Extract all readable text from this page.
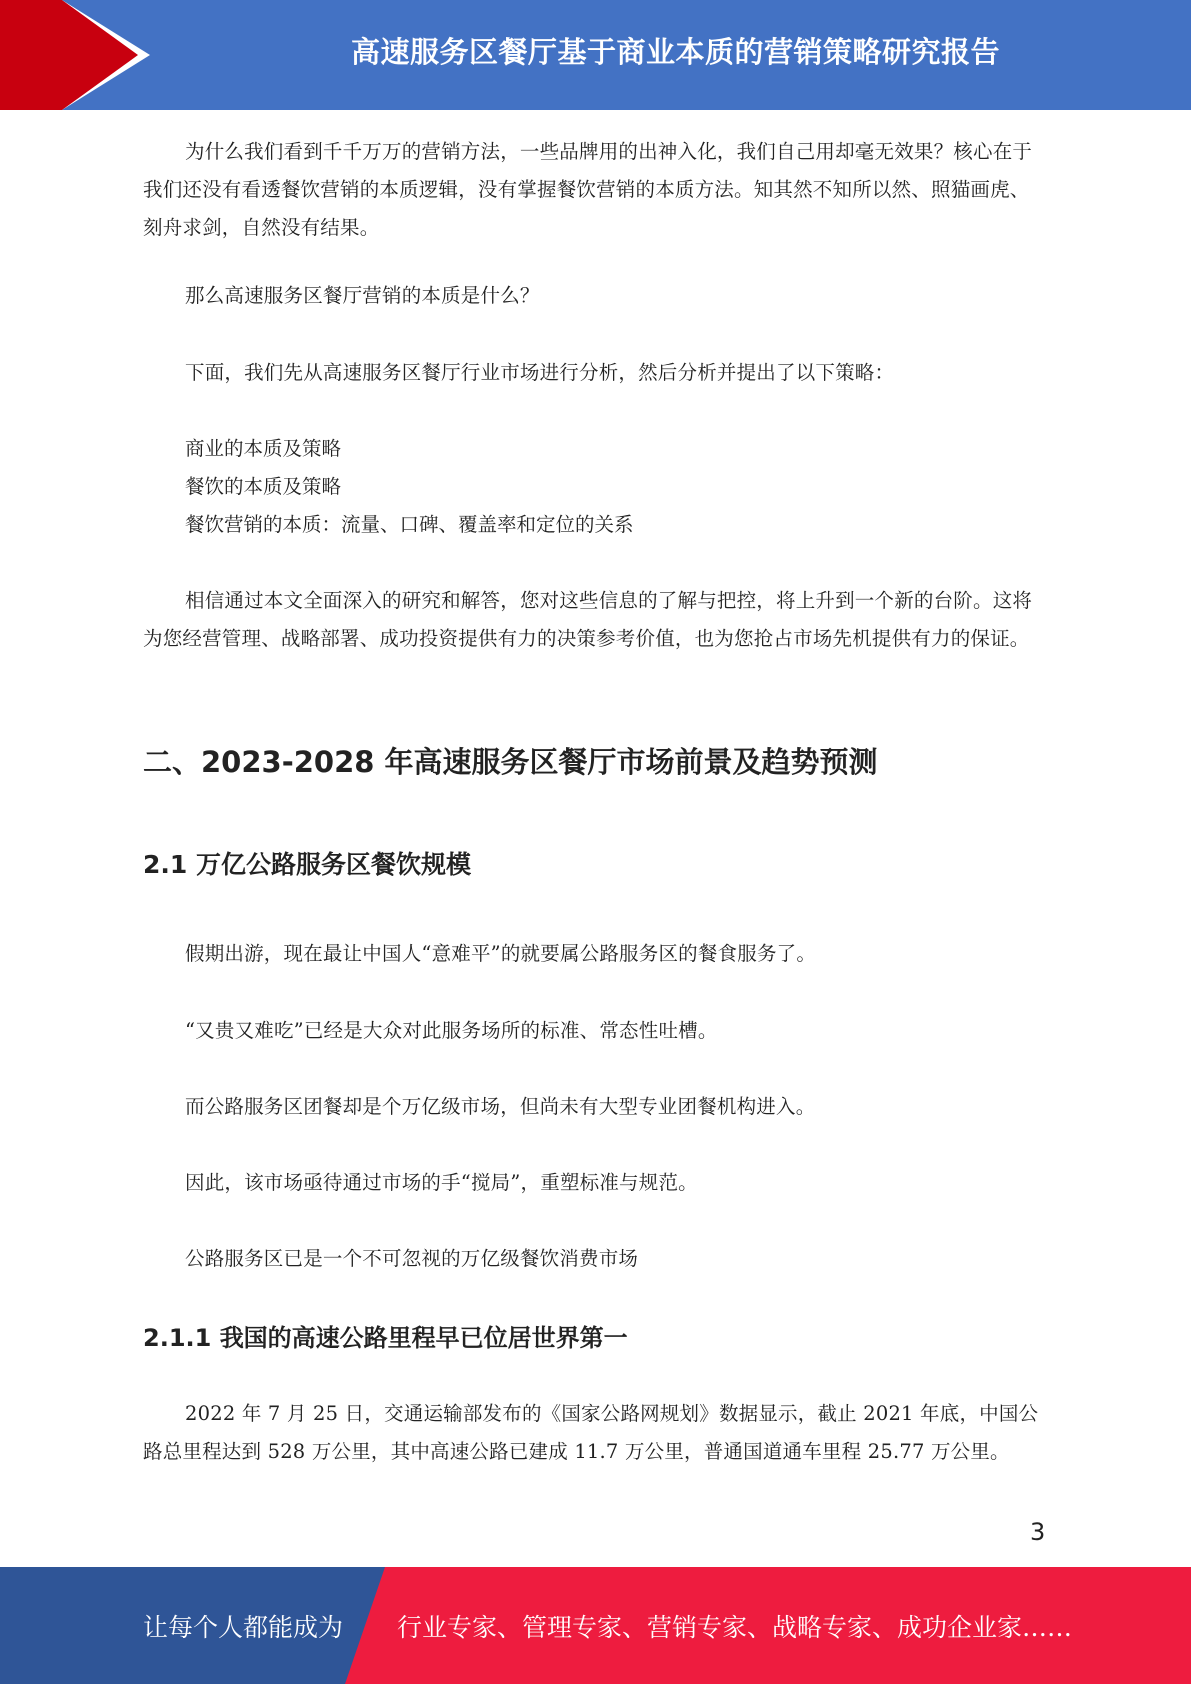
高速服务区餐厅基于商业本质的营销策略研究报告

为什么我们看到千千万万的营销方法，一些品牌用的出神入化，我们自己用却毫无效果？核心在于我们还没有看透餐饮营销的本质逻辑，没有掌握餐饮营销的本质方法。知其然不知所以然、照猫画虎、刻舟求剑，自然没有结果。

那么高速服务区餐厅营销的本质是什么？

下面，我们先从高速服务区餐厅行业市场进行分析，然后分析并提出了以下策略：

商业的本质及策略
餐饮的本质及策略
餐饮营销的本质：流量、口碑、覆盖率和定位的关系

相信通过本文全面深入的研究和解答，您对这些信息的了解与把控，将上升到一个新的台阶。这将为您经营管理、战略部署、成功投资提供有力的决策参考价值，也为您抢占市场先机提供有力的保证。

二、2023-2028 年高速服务区餐厅市场前景及趋势预测
2.1 万亿公路服务区餐饮规模

假期出游，现在最让中国人“意难平”的就要属公路服务区的餐食服务了。

“又贵又难吃”已经是大众对此服务场所的标准、常态性吐槽。

而公路服务区团餐却是个万亿级市场，但尚未有大型专业团餐机构进入。

因此，该市场亟待通过市场的手“搅局”，重塑标准与规范。

公路服务区已是一个不可忽视的万亿级餐饮消费市场

2.1.1 我国的高速公路里程早已位居世界第一

2022 年 7 月 25 日，交通运输部发布的《国家公路网规划》数据显示，截止 2021 年底，中国公路总里程达到 528 万公里，其中高速公路已建成 11.7 万公里，普通国道通车里程 25.77 万公里。

3
让每个人都能成为 行业专家、管理专家、营销专家、战略专家、成功企业家……
